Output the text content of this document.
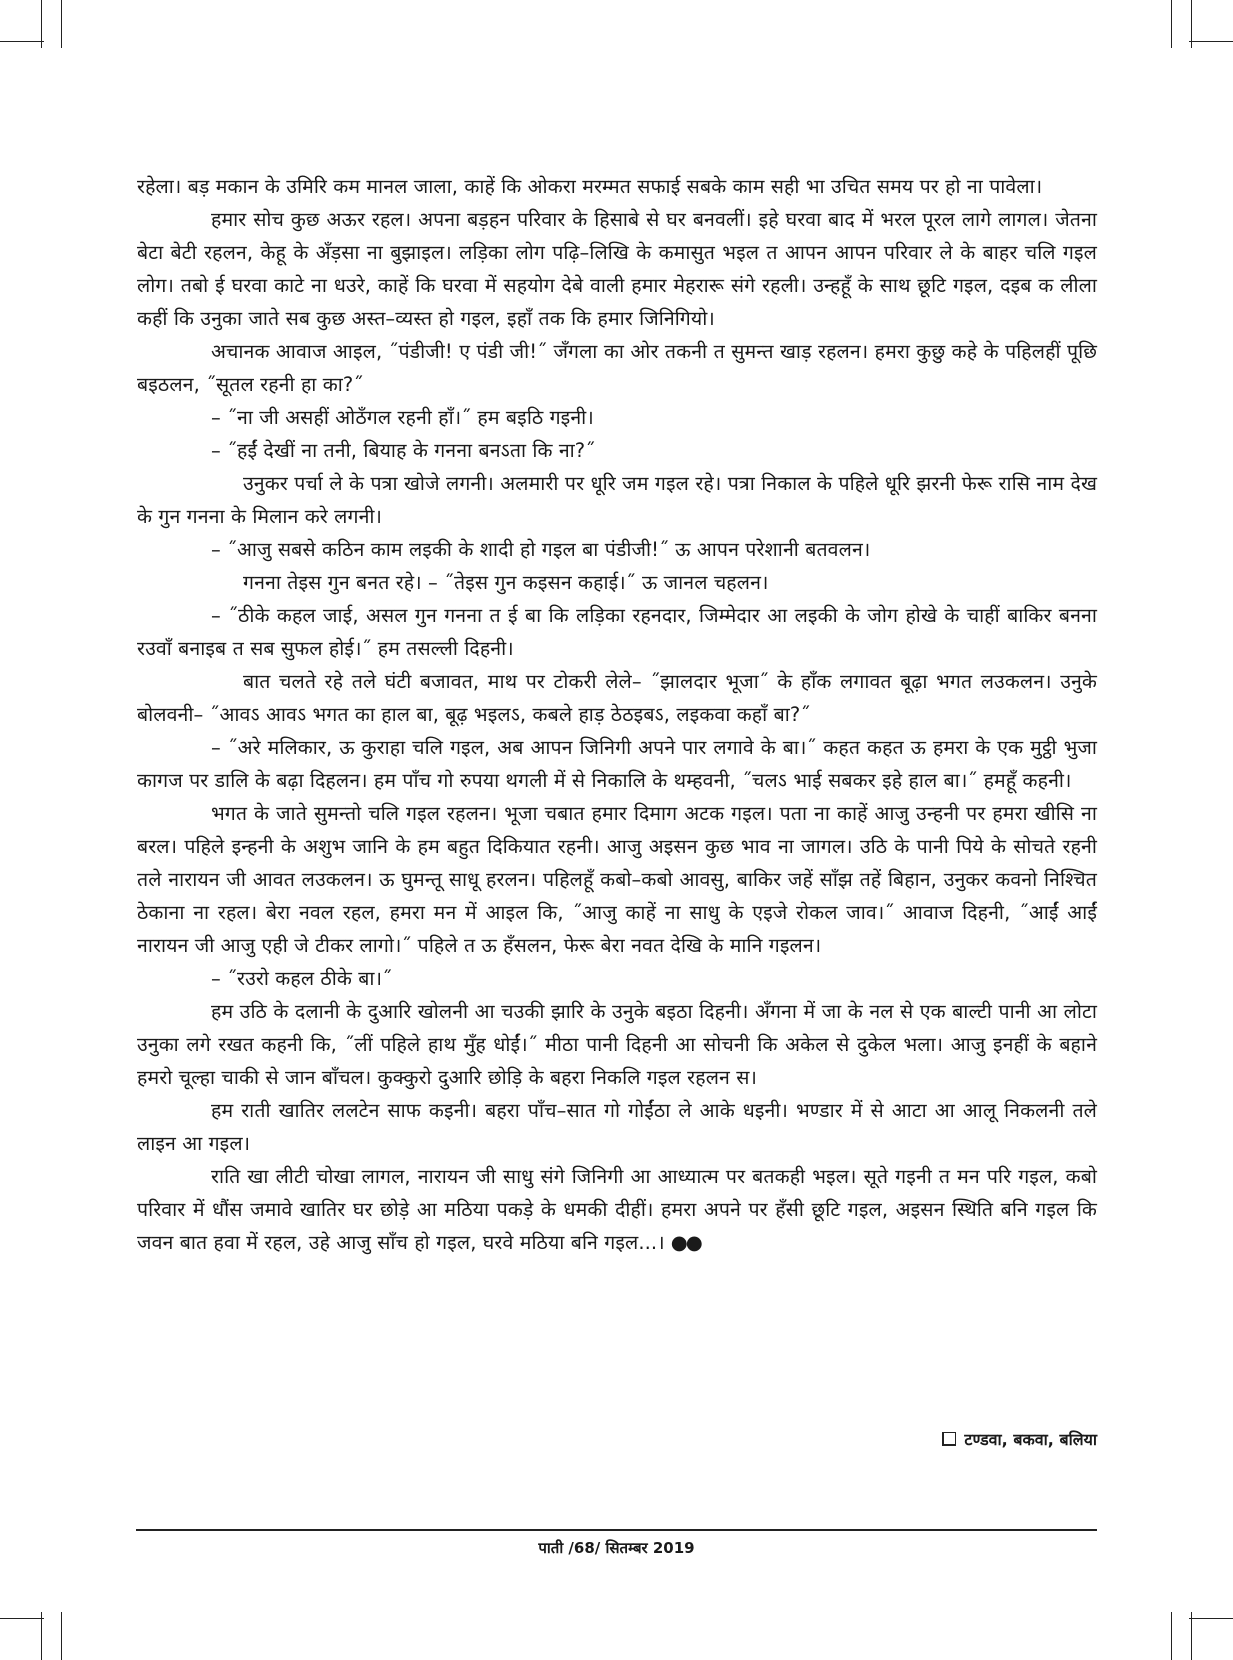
रहेला। बड़ मकान के उमिरि कम मानल जाला, काहें कि ओकरा मरम्मत सफाई सबके काम सही भा उचित समय पर हो ना पावेला।

हमार सोच कुछ अऊर रहल। अपना बड़हन परिवार के हिसाबे से घर बनवलीं। इहे घरवा बाद में भरल पूरल लागे लागल। जेतना बेटा बेटी रहलन, केहू के अँड़सा ना बुझाइल। लड़िका लोग पढ़ि–लिखि के कमासुत भइल त आपन आपन परिवार ले के बाहर चलि गइल लोग। तबो ई घरवा काटे ना धउरे, काहें कि घरवा में सहयोग देबे वाली हमार मेहरारू संगे रहली। उन्हहूँ के साथ छूटि गइल, दइब क लीला कहीं कि उनुका जाते सब कुछ अस्त–व्यस्त हो गइल, इहाँ तक कि हमार जिनिगियो।

अचानक आवाज आइल, ˝पंडीजी! ए पंडी जी!˝ जँगला का ओर तकनी त सुमन्त खाड़ रहलन। हमरा कुछु कहे के पहिलहीं पूछि बइठलन, ˝सूतल रहनी हा का?˝

– ˝ना जी असहीं ओठँगल रहनी हाँ।˝ हम बइठि गइनी।

– ˝हईं देखीं ना तनी, बियाह के गनना बनऽता कि ना?˝

उनुकर पर्चा ले के पत्रा खोजे लगनी। अलमारी पर धूरि जम गइल रहे। पत्रा निकाल के पहिले धूरि झरनी फेरू रासि नाम देख के गुन गनना के मिलान करे लगनी।

– ˝आजु सबसे कठिन काम लइकी के शादी हो गइल बा पंडीजी!˝ ऊ आपन परेशानी बतवलन।

गनना तेइस गुन बनत रहे। – ˝तेइस गुन कइसन कहाई।˝ ऊ जानल चहलन।

– ˝ठीके कहल जाई, असल गुन गनना त ई बा कि लड़िका रहनदार, जिम्मेदार आ लइकी के जोग होखे के चाहीं बाकिर बनना रउवाँ बनाइब त सब सुफल होई।˝ हम तसल्ली दिहनी।

बात चलते रहे तले घंटी बजावत, माथ पर टोकरी लेले– ˝झालदार भूजा˝ के हाँक लगावत बूढ़ा भगत लउकलन। उनुके बोलवनी– ˝आवऽ आवऽ भगत का हाल बा, बूढ़ भइलऽ, कबले हाड़ ठेठइबऽ, लइकवा कहाँ बा?˝

– ˝अरे मलिकार, ऊ कुराहा चलि गइल, अब आपन जिनिगी अपने पार लगावे के बा।˝ कहत कहत ऊ हमरा के एक मुट्ठी भुजा कागज पर डालि के बढ़ा दिहलन। हम पाँच गो रुपया थगली में से निकालि के थम्हवनी, ˝चलऽ भाई सबकर इहे हाल बा।˝ हमहूँ कहनी।

भगत के जाते सुमन्तो चलि गइल रहलन। भूजा चबात हमार दिमाग अटक गइल। पता ना काहें आजु उन्हनी पर हमरा खीसि ना बरल। पहिले इन्हनी के अशुभ जानि के हम बहुत दिकियात रहनी। आजु अइसन कुछ भाव ना जागल। उठि के पानी पिये के सोचते रहनी तले नारायन जी आवत लउकलन। ऊ घुमन्तू साधू हरलन। पहिलहूँ कबो–कबो आवसु, बाकिर जहें साँझ तहें बिहान, उनुकर कवनो निश्चित ठेकाना ना रहल। बेरा नवल रहल, हमरा मन में आइल कि, ˝आजु काहें ना साधु के एइजे रोकल जाव।˝ आवाज दिहनी, ˝आईं आईं नारायन जी आजु एही जे टीकर लागो।˝ पहिले त ऊ हँसलन, फेरू बेरा नवत देखि के मानि गइलन।

– ˝रउरो कहल ठीके बा।˝

हम उठि के दलानी के दुआरि खोलनी आ चउकी झारि के उनुके बइठा दिहनी। अँगना में जा के नल से एक बाल्टी पानी आ लोटा उनुका लगे रखत कहनी कि, ˝लीं पहिले हाथ मुँह धोईं।˝ मीठा पानी दिहनी आ सोचनी कि अकेल से दुकेल भला। आजु इनहीं के बहाने हमरो चूल्हा चाकी से जान बाँचल। कुक्कुरो दुआरि छोड़ि के बहरा निकलि गइल रहलन स।

हम राती खातिर ललटेन साफ कइनी। बहरा पाँच–सात गो गोईंठा ले आके धइनी। भण्डार में से आटा आ आलू निकलनी तले लाइन आ गइल।

राति खा लीटी चोखा लागल, नारायन जी साधु संगे जिनिगी आ आध्यात्म पर बतकही भइल। सूते गइनी त मन परि गइल, कबो परिवार में धौंस जमावे खातिर घर छोड़े आ मठिया पकड़े के धमकी दीहीं। हमरा अपने पर हँसी छूटि गइल, अइसन स्थिति बनि गइल कि जवन बात हवा में रहल, उहे आजु साँच हो गइल, घरवे मठिया बनि गइल...। ●●

टण्डवा, बकवा, बलिया
पाती /68/ सितम्बर 2019
